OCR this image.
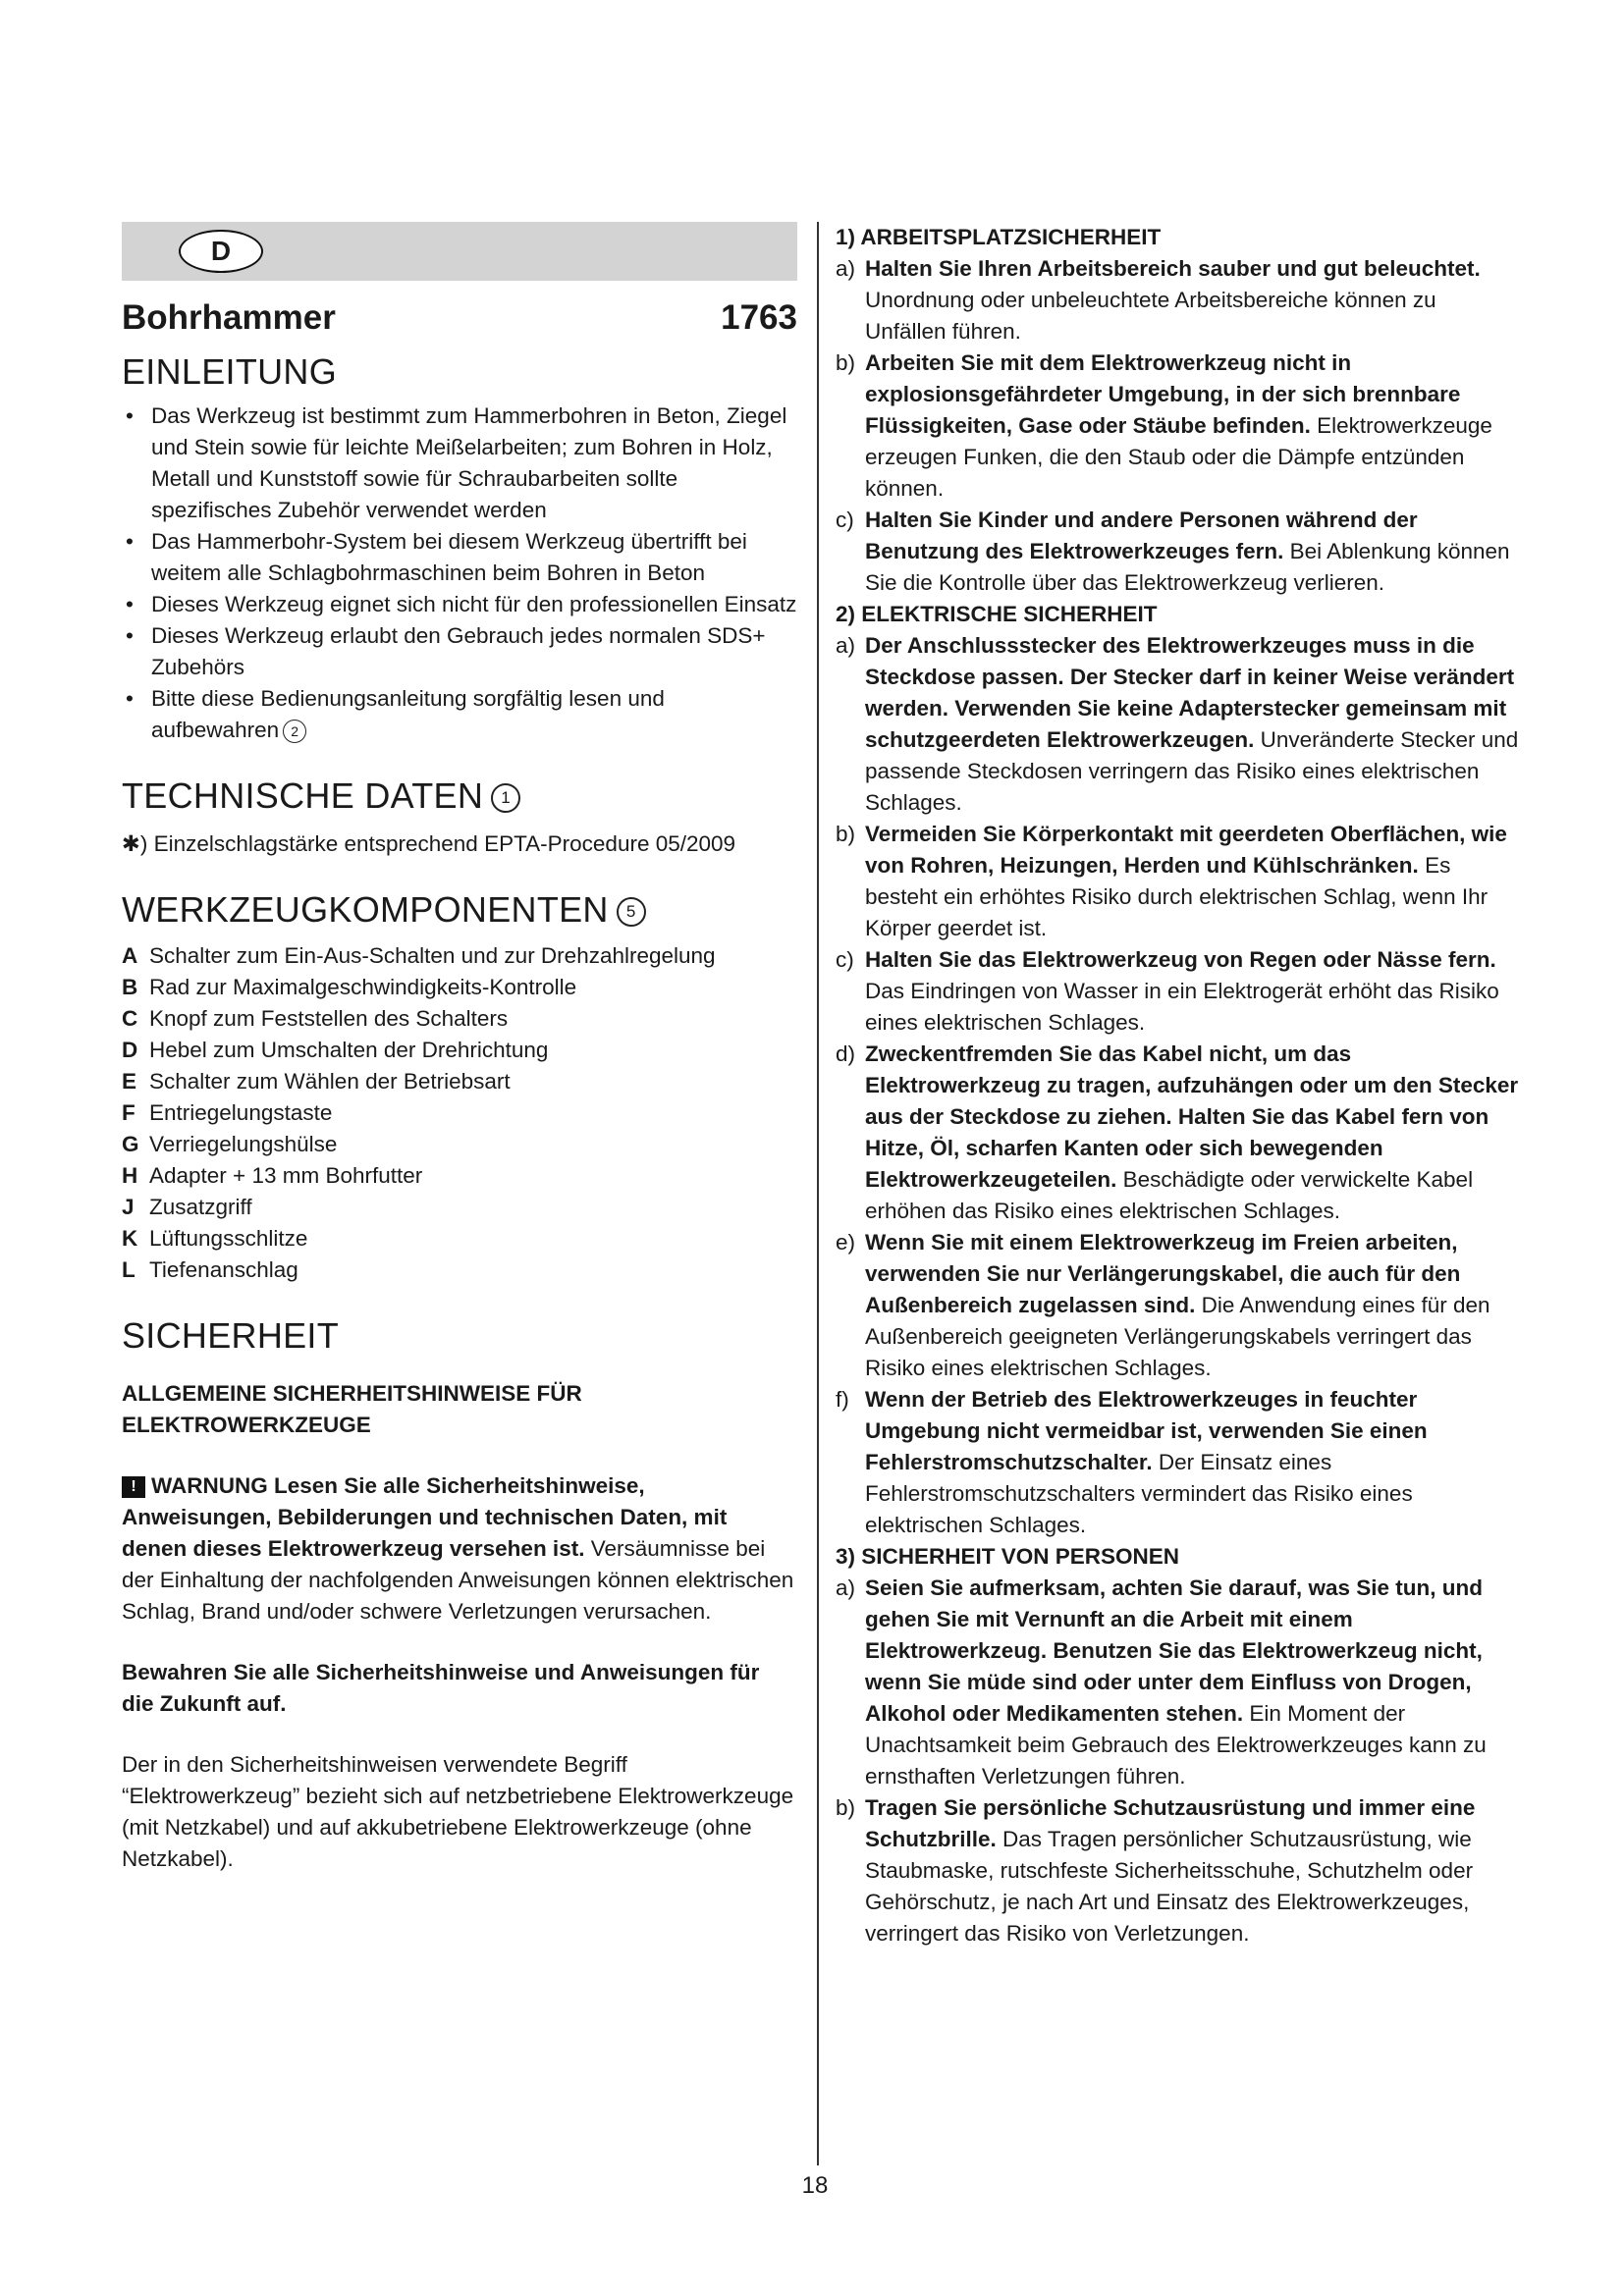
D
Bohrhammer	1763
EINLEITUNG
• Das Werkzeug ist bestimmt zum Hammerbohren in Beton, Ziegel und Stein sowie für leichte Meißelarbeiten; zum Bohren in Holz, Metall und Kunststoff sowie für Schraubarbeiten sollte spezifisches Zubehör verwendet werden
• Das Hammerbohr-System bei diesem Werkzeug übertrifft bei weitem alle Schlagbohrmaschinen beim Bohren in Beton
• Dieses Werkzeug eignet sich nicht für den professionellen Einsatz
• Dieses Werkzeug erlaubt den Gebrauch jedes normalen SDS+ Zubehörs
• Bitte diese Bedienungsanleitung sorgfältig lesen und aufbewahren 2
TECHNISCHE DATEN 1

✱) Einzelschlagstärke entsprechend EPTA-Procedure 05/2009

WERKZEUGKOMPONENTEN 5
A Schalter zum Ein-Aus-Schalten und zur Drehzahlregelung
B Rad zur Maximalgeschwindigkeits-Kontrolle
C Knopf zum Feststellen des Schalters
D Hebel zum Umschalten der Drehrichtung
E Schalter zum Wählen der Betriebsart
F Entriegelungstaste
G Verriegelungshülse
H Adapter + 13 mm Bohrfutter
J Zusatzgriff
K Lüftungsschlitze
L Tiefenanschlag
SICHERHEIT
ALLGEMEINE SICHERHEITSHINWEISE FÜR ELEKTROWERKZEUGE

! WARNUNG Lesen Sie alle Sicherheitshinweise, Anweisungen, Bebilderungen und technischen Daten, mit denen dieses Elektrowerkzeug versehen ist. Versäumnisse bei der Einhaltung der nachfolgenden Anweisungen können elektrischen Schlag, Brand und/oder schwere Verletzungen verursachen.

Bewahren Sie alle Sicherheitshinweise und Anweisungen für die Zukunft auf.

Der in den Sicherheitshinweisen verwendete Begriff “Elektrowerkzeug” bezieht sich auf netzbetriebene Elektrowerkzeuge (mit Netzkabel) und auf akkubetriebene Elektrowerkzeuge (ohne Netzkabel).

1) ARBEITSPLATZSICHERHEIT
a) Halten Sie Ihren Arbeitsbereich sauber und gut beleuchtet. Unordnung oder unbeleuchtete Arbeitsbereiche können zu Unfällen führen.
b) Arbeiten Sie mit dem Elektrowerkzeug nicht in explosionsgefährdeter Umgebung, in der sich brennbare Flüssigkeiten, Gase oder Stäube befinden. Elektrowerkzeuge erzeugen Funken, die den Staub oder die Dämpfe entzünden können.
c) Halten Sie Kinder und andere Personen während der Benutzung des Elektrowerkzeuges fern. Bei Ablenkung können Sie die Kontrolle über das Elektrowerkzeug verlieren.
2) ELEKTRISCHE SICHERHEIT
a) Der Anschlussstecker des Elektrowerkzeuges muss in die Steckdose passen. Der Stecker darf in keiner Weise verändert werden. Verwenden Sie keine Adapterstecker gemeinsam mit schutzgeerdeten Elektrowerkzeugen. Unveränderte Stecker und passende Steckdosen verringern das Risiko eines elektrischen Schlages.
b) Vermeiden Sie Körperkontakt mit geerdeten Oberflächen, wie von Rohren, Heizungen, Herden und Kühlschränken. Es besteht ein erhöhtes Risiko durch elektrischen Schlag, wenn Ihr Körper geerdet ist.
c) Halten Sie das Elektrowerkzeug von Regen oder Nässe fern. Das Eindringen von Wasser in ein Elektrogerät erhöht das Risiko eines elektrischen Schlages.
d) Zweckentfremden Sie das Kabel nicht, um das Elektrowerkzeug zu tragen, aufzuhängen oder um den Stecker aus der Steckdose zu ziehen. Halten Sie das Kabel fern von Hitze, Öl, scharfen Kanten oder sich bewegenden Elektrowerkzeugeteilen. Beschädigte oder verwickelte Kabel erhöhen das Risiko eines elektrischen Schlages.
e) Wenn Sie mit einem Elektrowerkzeug im Freien arbeiten, verwenden Sie nur Verlängerungskabel, die auch für den Außenbereich zugelassen sind. Die Anwendung eines für den Außenbereich geeigneten Verlängerungskabels verringert das Risiko eines elektrischen Schlages.
f) Wenn der Betrieb des Elektrowerkzeuges in feuchter Umgebung nicht vermeidbar ist, verwenden Sie einen Fehlerstromschutzschalter. Der Einsatz eines Fehlerstromschutzschalters vermindert das Risiko eines elektrischen Schlages.
3) SICHERHEIT VON PERSONEN
a) Seien Sie aufmerksam, achten Sie darauf, was Sie tun, und gehen Sie mit Vernunft an die Arbeit mit einem Elektrowerkzeug. Benutzen Sie das Elektrowerkzeug nicht, wenn Sie müde sind oder unter dem Einfluss von Drogen, Alkohol oder Medikamenten stehen. Ein Moment der Unachtsamkeit beim Gebrauch des Elektrowerkzeuges kann zu ernsthaften Verletzungen führen.
b) Tragen Sie persönliche Schutzausrüstung und immer eine Schutzbrille. Das Tragen persönlicher Schutzausrüstung, wie Staubmaske, rutschfeste Sicherheitsschuhe, Schutzhelm oder Gehörschutz, je nach Art und Einsatz des Elektrowerkzeuges, verringert das Risiko von Verletzungen.
18
